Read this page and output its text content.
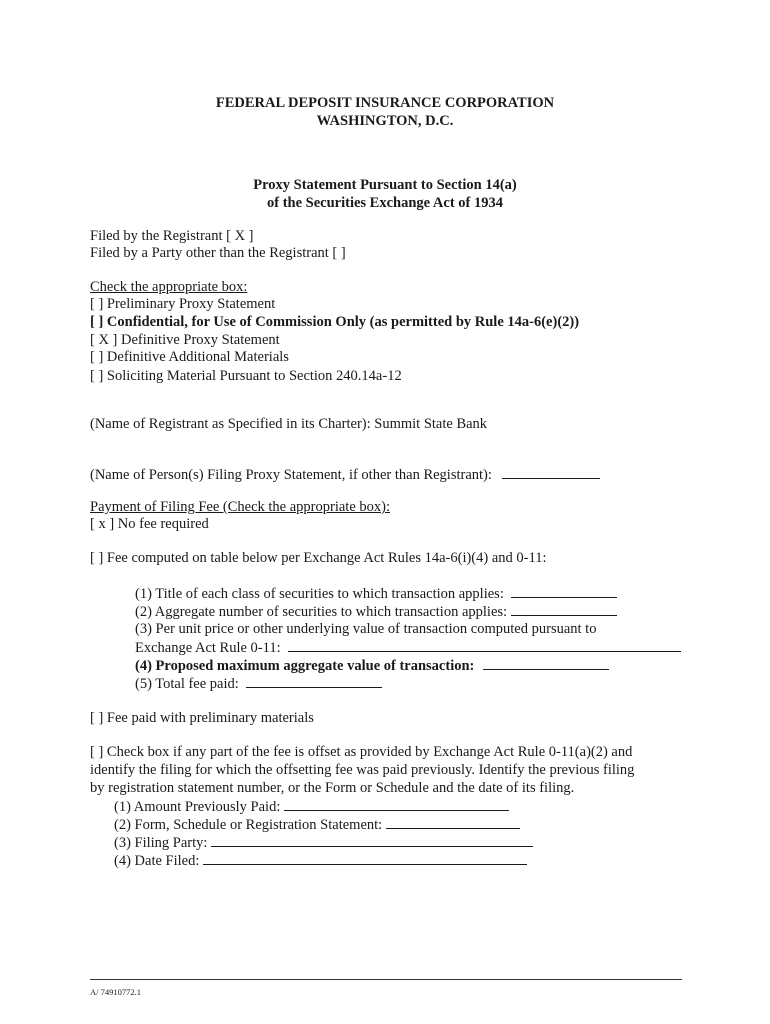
FEDERAL DEPOSIT INSURANCE CORPORATION
WASHINGTON, D.C.
Proxy Statement Pursuant to Section 14(a)
of the Securities Exchange Act of 1934
Filed by the Registrant [ X ]
Filed by a Party other than the Registrant [ ]
Check the appropriate box:
[ ] Preliminary Proxy Statement
[ ] Confidential, for Use of Commission Only (as permitted by Rule 14a-6(e)(2))
[ X ] Definitive Proxy Statement
[ ] Definitive Additional Materials
[ ] Soliciting Material Pursuant to Section 240.14a-12
(Name of Registrant as Specified in its Charter): Summit State Bank
(Name of Person(s) Filing Proxy Statement, if other than Registrant):
Payment of Filing Fee (Check the appropriate box):
[ x ] No fee required
[ ] Fee computed on table below per Exchange Act Rules 14a-6(i)(4) and 0-11:
(1) Title of each class of securities to which transaction applies:
(2) Aggregate number of securities to which transaction applies:
(3) Per unit price or other underlying value of transaction computed pursuant to
Exchange Act Rule 0-11:
(4) Proposed maximum aggregate value of transaction:
(5) Total fee paid:
[ ] Fee paid with preliminary materials
[ ] Check box if any part of the fee is offset as provided by Exchange Act Rule 0-11(a)(2) and
identify the filing for which the offsetting fee was paid previously. Identify the previous filing
by registration statement number, or the Form or Schedule and the date of its filing.
(1) Amount Previously Paid:
(2) Form, Schedule or Registration Statement:
(3) Filing Party:
(4) Date Filed:
A/ 74910772.1
